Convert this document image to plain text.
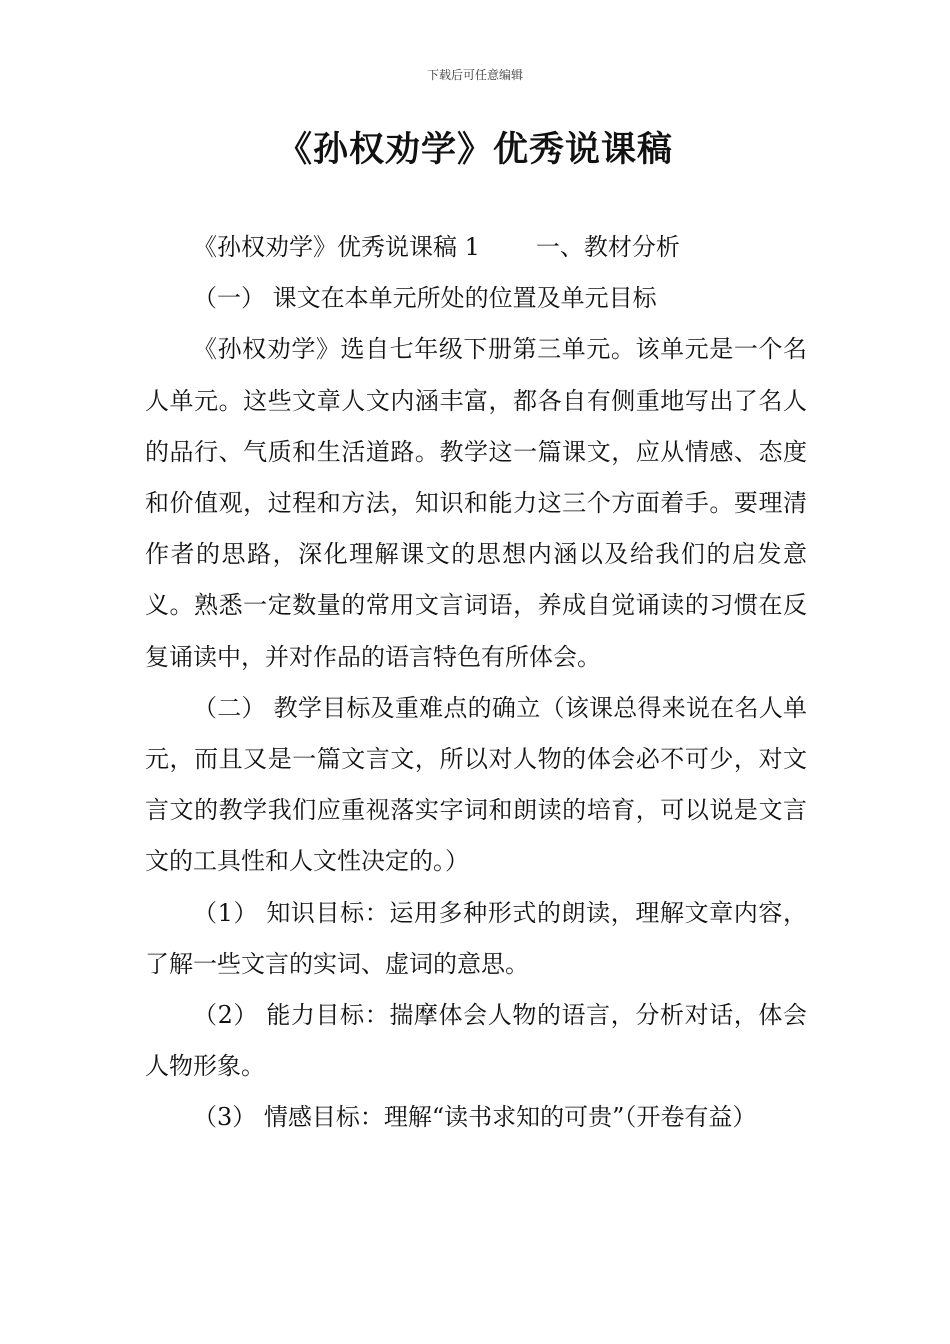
下载后可任意编辑
《孙权劝学》优秀说课稿

《孙权劝学》优秀说课稿 1 一、教材分析

（一） 课文在本单元所处的位置及单元目标

《孙权劝学》选自七年级下册第三单元。该单元是一个名人单元。这些文章人文内涵丰富，都各自有侧重地写出了名人的品行、气质和生活道路。教学这一篇课文，应从情感、态度和价值观，过程和方法，知识和能力这三个方面着手。要理清作者的思路，深化理解课文的思想内涵以及给我们的启发意义。熟悉一定数量的常用文言词语，养成自觉诵读的习惯在反复诵读中，并对作品的语言特色有所体会。

（二） 教学目标及重难点的确立（该课总得来说在名人单元，而且又是一篇文言文，所以对人物的体会必不可少，对文言文的教学我们应重视落实字词和朗读的培育，可以说是文言文的工具性和人文性决定的。）

（1） 知识目标：运用多种形式的朗读，理解文章内容，了解一些文言的实词、虚词的意思。

（2） 能力目标：揣摩体会人物的语言，分析对话，体会人物形象。

（3） 情感目标：理解“读书求知的可贵”（开卷有益）
